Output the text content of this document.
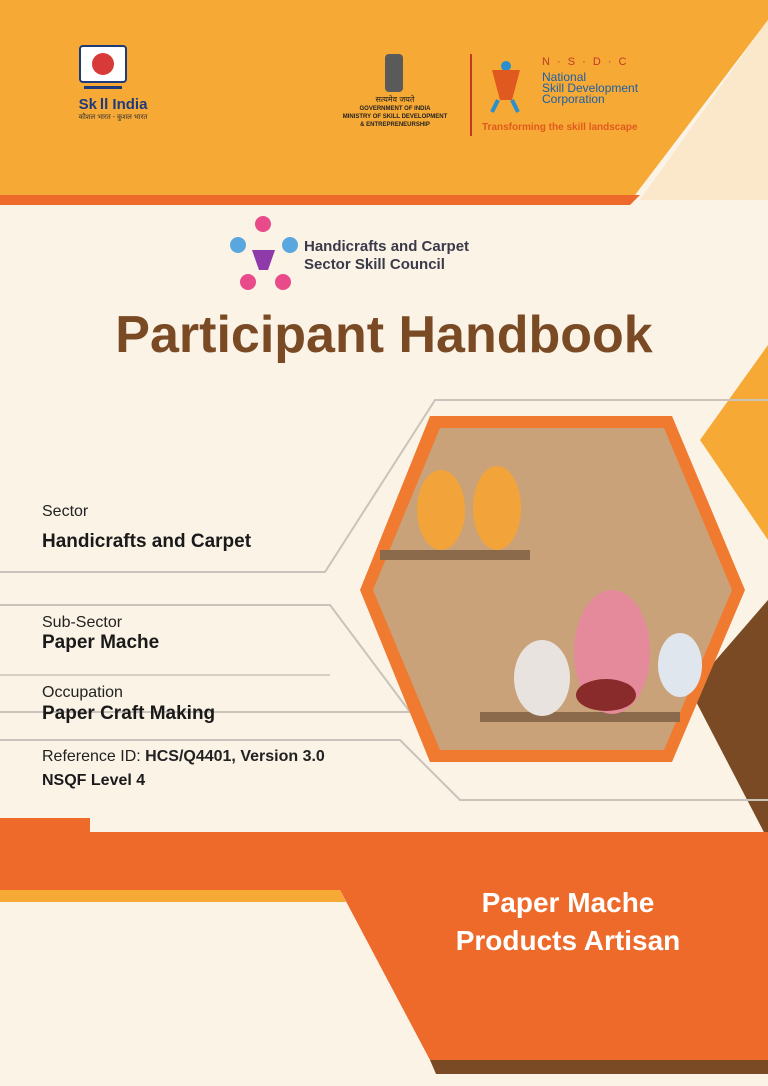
Sk ll India
कौशल भारत - कुशल भारत
सत्यमेव जयते
GOVERNMENT OF INDIA
MINISTRY OF SKILL DEVELOPMENT
& ENTREPRENEURSHIP
N · S · D · C
National
Skill Development
Corporation
Transforming the skill landscape
Handicrafts and Carpet
Sector Skill Council
Participant Handbook
Sector
Handicrafts and Carpet
Sub-Sector
Paper Mache
Occupation
Paper Craft Making
Reference ID: HCS/Q4401, Version 3.0
NSQF Level 4
Paper Mache
Products Artisan
